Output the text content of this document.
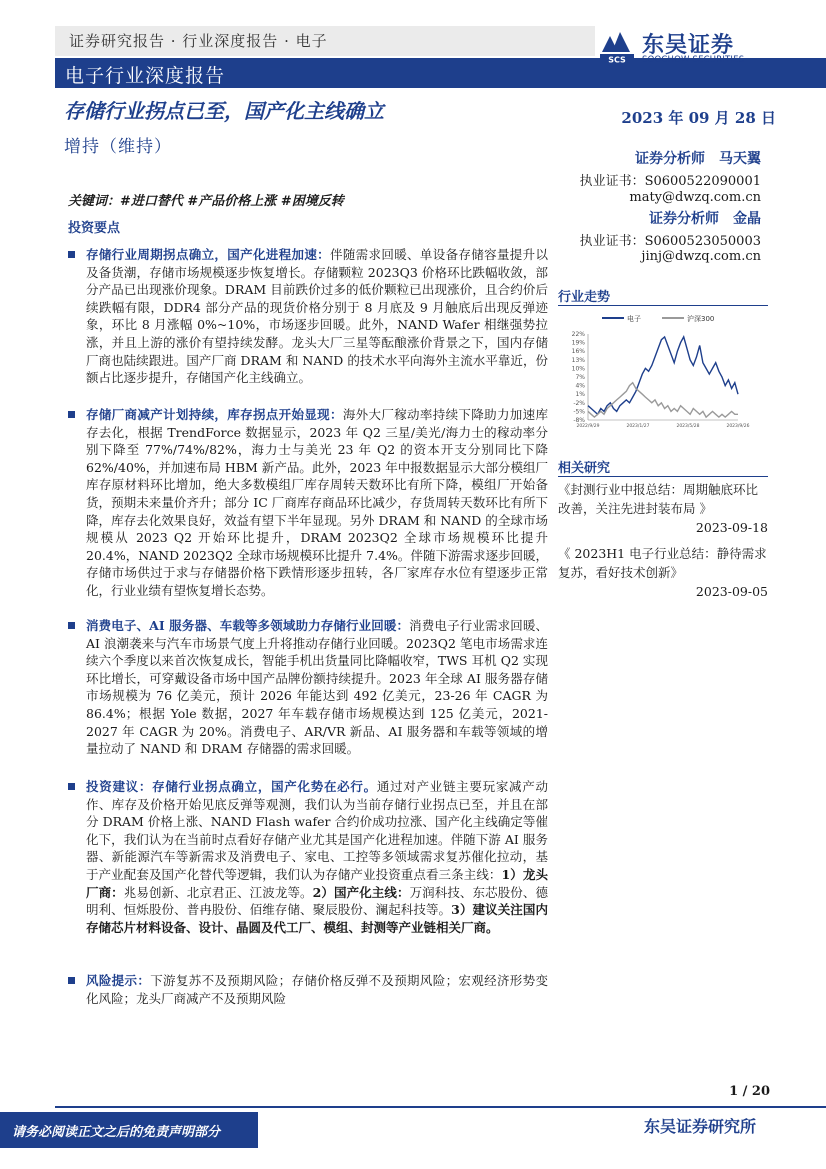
证券研究报告 · 行业深度报告 · 电子
电子行业深度报告
SCS
东吴证券
SOOCHOW SECURITIES
存储行业拐点已至，国产化主线确立
增持（维持）
2023 年 09 月 28 日
证券分析师　马天翼
执业证书：S0600522090001
maty@dwzq.com.cn
证券分析师　金晶
执业证书：S0600523050003
jinj@dwzq.com.cn
关键词：#进口替代 #产品价格上涨 #困境反转
投资要点
存储行业周期拐点确立，国产化进程加速：伴随需求回暖、单设备存储容量提升以及备货潮，存储市场规模逐步恢复增长。存储颗粒 2023Q3 价格环比跌幅收敛，部分产品已出现涨价现象。DRAM 目前跌价过多的低价颗粒已出现涨价，且合约价后续跌幅有限，DDR4 部分产品的现货价格分别于 8 月底及 9 月触底后出现反弹迹象，环比 8 月涨幅 0%~10%，市场逐步回暖。此外，NAND Wafer 相继强势拉涨，并且上游的涨价有望持续发酵。龙头大厂三星等酝酿涨价背景之下，国内存储厂商也陆续跟进。国产厂商 DRAM 和 NAND 的技术水平向海外主流水平靠近，份额占比逐步提升，存储国产化主线确立。
存储厂商减产计划持续，库存拐点开始显现：海外大厂稼动率持续下降助力加速库存去化，根据 TrendForce 数据显示，2023 年 Q2 三星/美光/海力士的稼动率分别下降至 77%/74%/82%，海力士与美光 23 年 Q2 的资本开支分别同比下降 62%/40%，并加速布局 HBM 新产品。此外，2023 年中报数据显示大部分模组厂库存原材料环比增加，绝大多数模组厂库存周转天数环比有所下降，模组厂开始备货，预期未来量价齐升；部分 IC 厂商库存商品环比减少，存货周转天数环比有所下降，库存去化效果良好，效益有望下半年显现。另外 DRAM 和 NAND 的全球市场规模从 2023 Q2 开始环比提升，DRAM 2023Q2 全球市场规模环比提升 20.4%，NAND 2023Q2 全球市场规模环比提升 7.4%。伴随下游需求逐步回暖，存储市场供过于求与存储器价格下跌情形逐步扭转，各厂家库存水位有望逐步正常化，行业业绩有望恢复增长态势。
消费电子、AI 服务器、车载等多领域助力存储行业回暖：消费电子行业需求回暖、AI 浪潮袭来与汽车市场景气度上升将推动存储行业回暖。2023Q2 笔电市场需求连续六个季度以来首次恢复成长，智能手机出货量同比降幅收窄，TWS 耳机 Q2 实现环比增长，可穿戴设备市场中国产品牌份额持续提升。2023 年全球 AI 服务器存储市场规模为 76 亿美元，预计 2026 年能达到 492 亿美元，23-26 年 CAGR 为 86.4%；根据 Yole 数据，2027 年车载存储市场规模达到 125 亿美元，2021-2027 年 CAGR 为 20%。消费电子、AR/VR 新品、AI 服务器和车载等领域的增量拉动了 NAND 和 DRAM 存储器的需求回暖。
投资建议：存储行业拐点确立，国产化势在必行。通过对产业链主要玩家减产动作、库存及价格开始见底反弹等观测，我们认为当前存储行业拐点已至，并且在部分 DRAM 价格上涨、NAND Flash wafer 合约价成功拉涨、国产化主线确定等催化下，我们认为在当前时点看好存储产业尤其是国产化进程加速。伴随下游 AI 服务器、新能源汽车等新需求及消费电子、家电、工控等多领域需求复苏催化拉动，基于产业配套及国产化替代等逻辑，我们认为存储产业投资重点看三条主线：1）龙头厂商：兆易创新、北京君正、江波龙等。2）国产化主线：万润科技、东芯股份、德明利、恒烁股份、普冉股份、佰维存储、聚辰股份、澜起科技等。3）建议关注国内存储芯片材料设备、设计、晶圆及代工厂、模组、封测等产业链相关厂商。
风险提示：下游复苏不及预期风险；存储价格反弹不及预期风险；宏观经济形势变化风险；龙头厂商减产不及预期风险
行业走势
电子	沪深300
22%
19%
16%
13%
10%
7%
4%
1%
-2%
-5%
-8%
2022/9/29	2023/1/27	2023/5/28	2023/9/26
相关研究
《封测行业中报总结：周期触底环比改善，关注先进封装布局 》
2023-09-18
《 2023H1 电子行业总结：静待需求复苏，看好技术创新》
2023-09-05
1 / 20
请务必阅读正文之后的免责声明部分	东吴证券研究所
